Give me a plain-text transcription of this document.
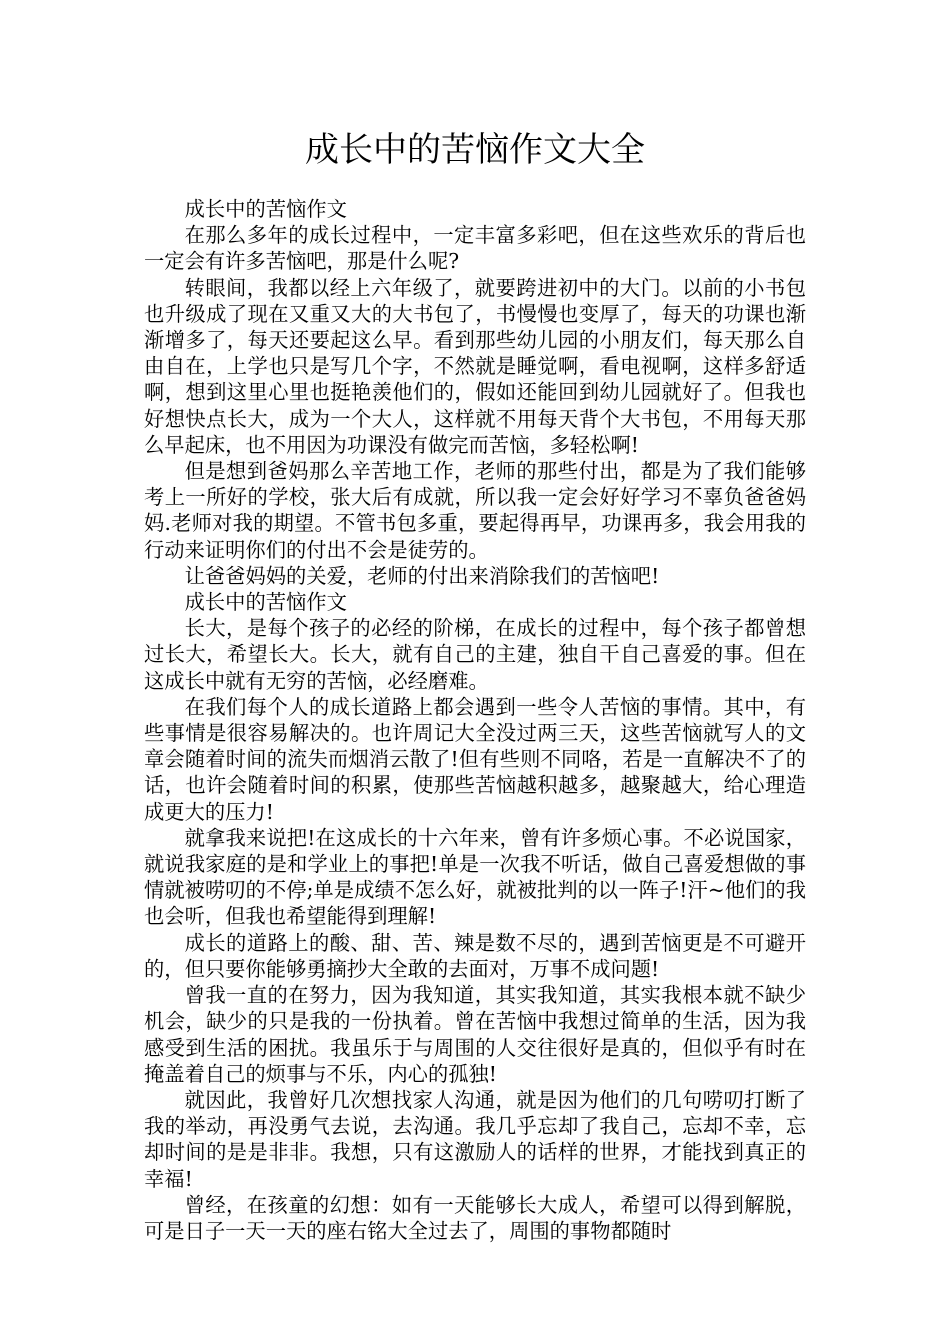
成长中的苦恼作文大全

成长中的苦恼作文

在那么多年的成长过程中，一定丰富多彩吧，但在这些欢乐的背后也一定会有许多苦恼吧，那是什么呢?

转眼间，我都以经上六年级了，就要跨进初中的大门。以前的小书包也升级成了现在又重又大的大书包了，书慢慢也变厚了，每天的功课也渐渐增多了，每天还要起这么早。看到那些幼儿园的小朋友们，每天那么自由自在，上学也只是写几个字，不然就是睡觉啊，看电视啊，这样多舒适啊，想到这里心里也挺艳羡他们的，假如还能回到幼儿园就好了。但我也好想快点长大，成为一个大人，这样就不用每天背个大书包，不用每天那么早起床，也不用因为功课没有做完而苦恼，多轻松啊!

但是想到爸妈那么辛苦地工作，老师的那些付出，都是为了我们能够考上一所好的学校，张大后有成就，所以我一定会好好学习不辜负爸爸妈妈.老师对我的期望。不管书包多重，要起得再早，功课再多，我会用我的行动来证明你们的付出不会是徒劳的。

让爸爸妈妈的关爱，老师的付出来消除我们的苦恼吧!

成长中的苦恼作文

长大，是每个孩子的必经的阶梯，在成长的过程中，每个孩子都曾想过长大，希望长大。长大，就有自己的主建，独自干自己喜爱的事。但在这成长中就有无穷的苦恼，必经磨难。

在我们每个人的成长道路上都会遇到一些令人苦恼的事情。其中，有些事情是很容易解决的。也许周记大全没过两三天，这些苦恼就写人的文章会随着时间的流失而烟消云散了!但有些则不同咯，若是一直解决不了的话，也许会随着时间的积累，使那些苦恼越积越多，越聚越大，给心理造成更大的压力!

就拿我来说把!在这成长的十六年来，曾有许多烦心事。不必说国家，就说我家庭的是和学业上的事把!单是一次我不听话，做自己喜爱想做的事情就被唠叨的不停;单是成绩不怎么好，就被批判的以一阵子!汗~他们的我也会听，但我也希望能得到理解!

成长的道路上的酸、甜、苦、辣是数不尽的，遇到苦恼更是不可避开的，但只要你能够勇摘抄大全敢的去面对，万事不成问题!

曾我一直的在努力，因为我知道，其实我知道，其实我根本就不缺少机会，缺少的只是我的一份执着。曾在苦恼中我想过简单的生活，因为我感受到生活的困扰。我虽乐于与周围的人交往很好是真的，但似乎有时在掩盖着自己的烦事与不乐，内心的孤独!

就因此，我曾好几次想找家人沟通，就是因为他们的几句唠叨打断了我的举动，再没勇气去说，去沟通。我几乎忘却了我自己，忘却不幸，忘却时间的是是非非。我想，只有这激励人的话样的世界，才能找到真正的幸福!

曾经，在孩童的幻想：如有一天能够长大成人，希望可以得到解脱，可是日子一天一天的座右铭大全过去了，周围的事物都随时
